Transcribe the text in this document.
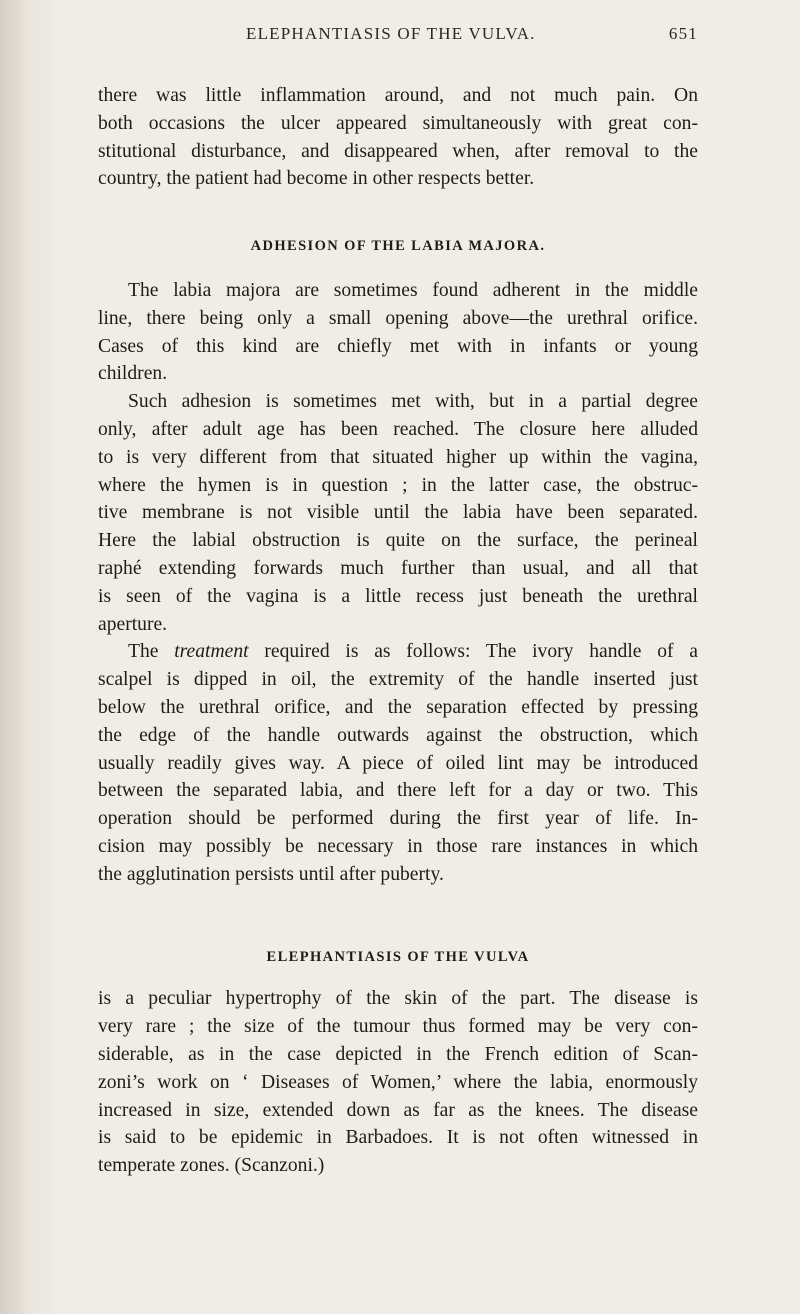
ELEPHANTIASIS OF THE VULVA.	651

there was little inflammation around, and not much pain. On
both occasions the ulcer appeared simultaneously with great con-
stitutional disturbance, and disappeared when, after removal to the
country, the patient had become in other respects better.

ADHESION OF THE LABIA MAJORA.

The labia majora are sometimes found adherent in the middle
line, there being only a small opening above—the urethral orifice.
Cases of this kind are chiefly met with in infants or young
children.

Such adhesion is sometimes met with, but in a partial degree
only, after adult age has been reached. The closure here alluded
to is very different from that situated higher up within the vagina,
where the hymen is in question ; in the latter case, the obstruc-
tive membrane is not visible until the labia have been separated.
Here the labial obstruction is quite on the surface, the perineal
raphé extending forwards much further than usual, and all that
is seen of the vagina is a little recess just beneath the urethral
aperture.

The treatment required is as follows: The ivory handle of a
scalpel is dipped in oil, the extremity of the handle inserted just
below the urethral orifice, and the separation effected by pressing
the edge of the handle outwards against the obstruction, which
usually readily gives way. A piece of oiled lint may be introduced
between the separated labia, and there left for a day or two. This
operation should be performed during the first year of life. In-
cision may possibly be necessary in those rare instances in which
the agglutination persists until after puberty.

ELEPHANTIASIS OF THE VULVA

is a peculiar hypertrophy of the skin of the part. The disease is
very rare ; the size of the tumour thus formed may be very con-
siderable, as in the case depicted in the French edition of Scan-
zoni’s work on ‘ Diseases of Women,’ where the labia, enormously
increased in size, extended down as far as the knees. The disease
is said to be epidemic in Barbadoes. It is not often witnessed in
temperate zones. (Scanzoni.)
